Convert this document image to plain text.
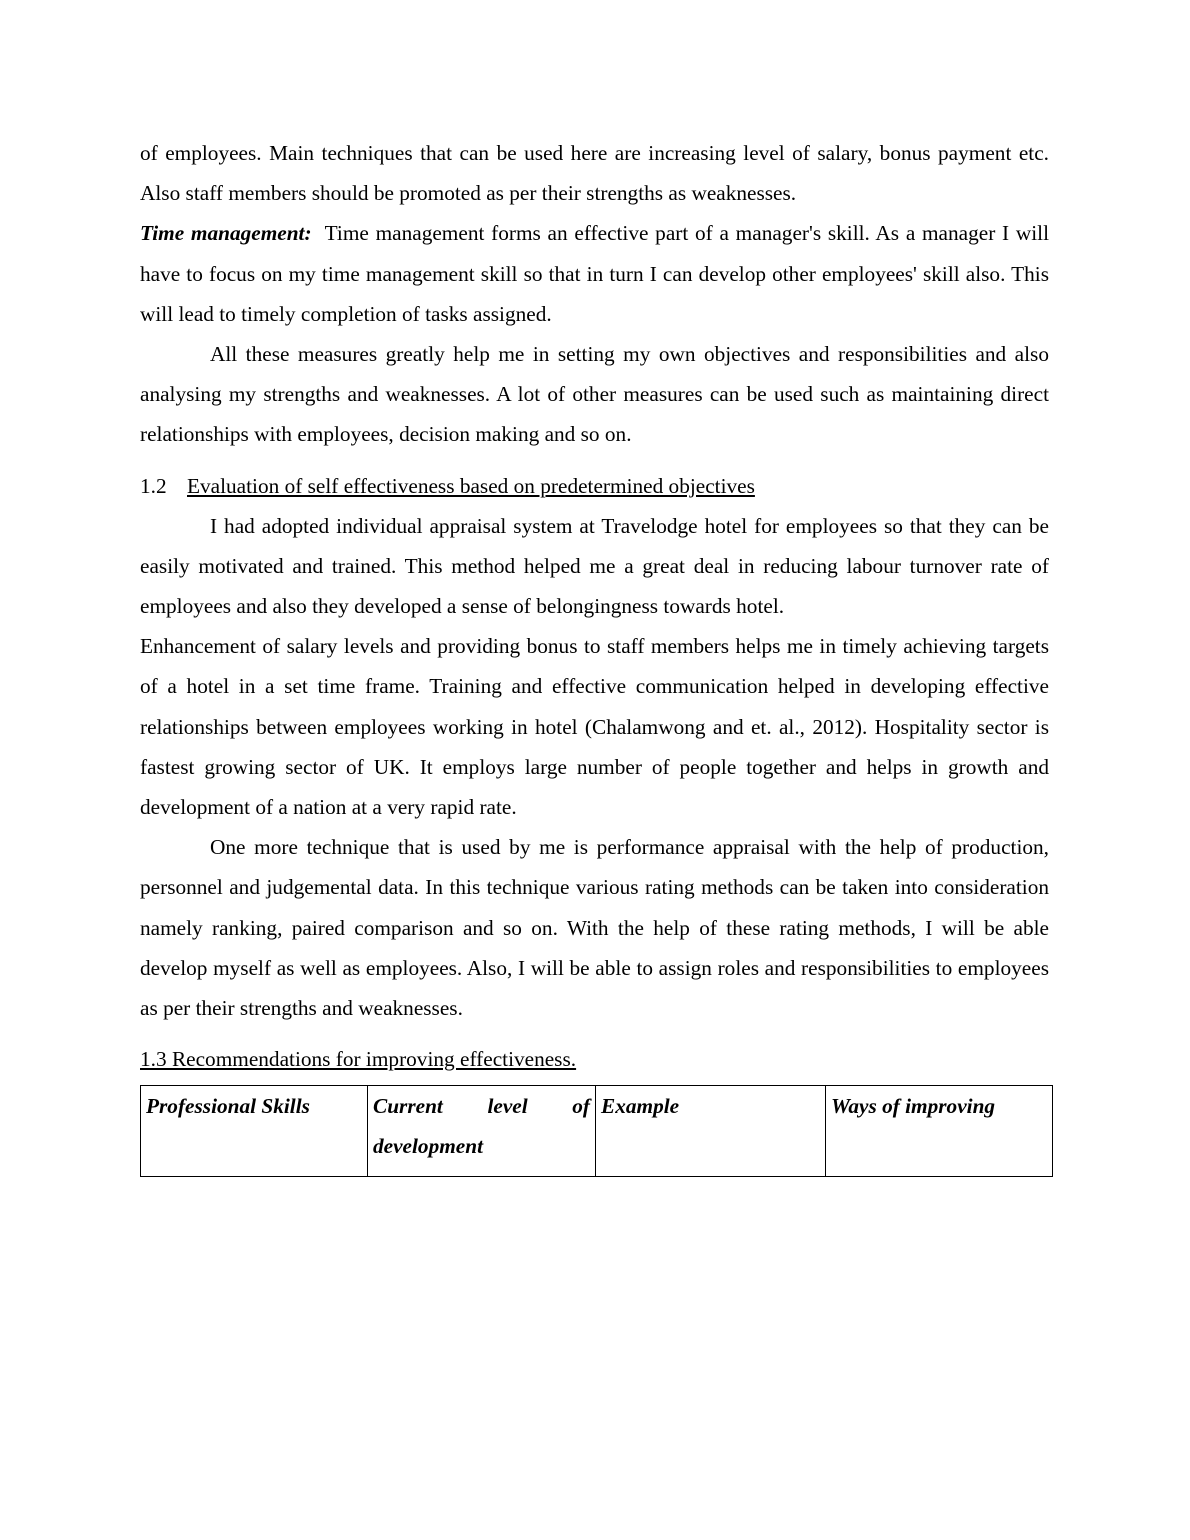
of employees. Main techniques that can be used here are increasing level of salary, bonus payment etc. Also staff members should be promoted as per their strengths as weaknesses.

Time management: Time management forms an effective part of a manager's skill. As a manager I will have to focus on my time management skill so that in turn I can develop other employees' skill also. This will lead to timely completion of tasks assigned.

All these measures greatly help me in setting my own objectives and responsibilities and also analysing my strengths and weaknesses. A lot of other measures can be used such as maintaining direct relationships with employees, decision making and so on.

1.2 Evaluation of self effectiveness based on predetermined objectives

I had adopted individual appraisal system at Travelodge hotel for employees so that they can be easily motivated and trained. This method helped me a great deal in reducing labour turnover rate of employees and also they developed a sense of belongingness towards hotel.

Enhancement of salary levels and providing bonus to staff members helps me in timely achieving targets of a hotel in a set time frame. Training and effective communication helped in developing effective relationships between employees working in hotel (Chalamwong and et. al., 2012). Hospitality sector is fastest growing sector of UK. It employs large number of people together and helps in growth and development of a nation at a very rapid rate.

One more technique that is used by me is performance appraisal with the help of production, personnel and judgemental data. In this technique various rating methods can be taken into consideration namely ranking, paired comparison and so on. With the help of these rating methods, I will be able develop myself as well as employees. Also, I will be able to assign roles and responsibilities to employees as per their strengths and weaknesses.

1.3 Recommendations for improving effectiveness.

Professional Skills	Current level of development	Example	Ways of improving
